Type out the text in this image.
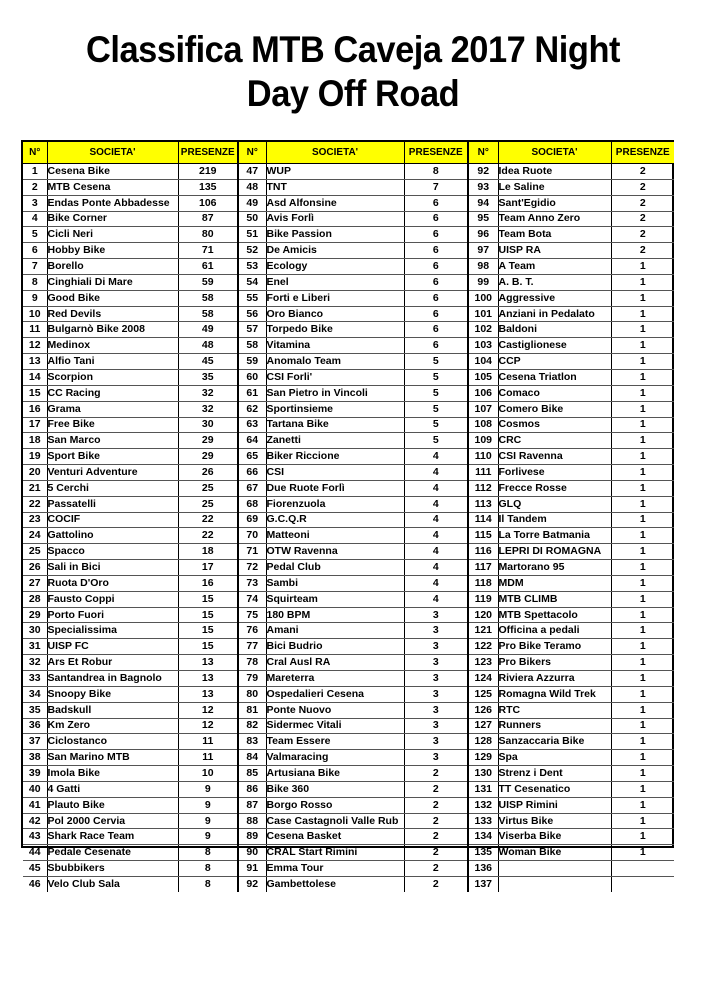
Classifica MTB Caveja 2017 Night
Day Off Road
N°	SOCIETA'	PRESENZE
1	Cesena Bike	219
2	MTB Cesena	135
3	Endas Ponte Abbadesse	106
4	Bike Corner	87
5	Cicli Neri	80
6	Hobby Bike	71
7	Borello	61
8	Cinghiali Di Mare	59
9	Good Bike	58
10	Red Devils	58
11	Bulgarnò Bike 2008	49
12	Medinox	48
13	Alfio Tani	45
14	Scorpion	35
15	CC Racing	32
16	Grama	32
17	Free Bike	30
18	San Marco	29
19	Sport Bike	29
20	Venturi Adventure	26
21	5 Cerchi	25
22	Passatelli	25
23	COCIF	22
24	Gattolino	22
25	Spacco	18
26	Sali in Bici	17
27	Ruota D'Oro	16
28	Fausto Coppi	15
29	Porto Fuori	15
30	Specialissima	15
31	UISP FC	15
32	Ars Et Robur	13
33	Santandrea in Bagnolo	13
34	Snoopy Bike	13
35	Badskull	12
36	Km Zero	12
37	Ciclostanco	11
38	San Marino MTB	11
39	Imola Bike	10
40	4 Gatti	9
41	Plauto Bike	9
42	Pol 2000 Cervia	9
43	Shark Race Team	9
44	Pedale Cesenate	8
45	Sbubbikers	8
46	Velo Club Sala	8
N°	SOCIETA'	PRESENZE
47	WUP	8
48	TNT	7
49	Asd Alfonsine	6
50	Avis Forlì	6
51	Bike Passion	6
52	De Amicis	6
53	Ecology	6
54	Enel	6
55	Forti e Liberi	6
56	Oro Bianco	6
57	Torpedo Bike	6
58	Vitamina	6
59	Anomalo Team	5
60	CSI Forli'	5
61	San Pietro in Vincoli	5
62	Sportinsieme	5
63	Tartana Bike	5
64	Zanetti	5
65	Biker Riccione	4
66	CSI	4
67	Due Ruote Forlì	4
68	Fiorenzuola	4
69	G.C.Q.R	4
70	Matteoni	4
71	OTW Ravenna	4
72	Pedal Club	4
73	Sambi	4
74	Squirteam	4
75	180 BPM	3
76	Amani	3
77	Bici Budrio	3
78	Cral Ausl RA	3
79	Mareterra	3
80	Ospedalieri Cesena	3
81	Ponte Nuovo	3
82	Sidermec Vitali	3
83	Team Essere	3
84	Valmaracing	3
85	Artusiana Bike	2
86	Bike 360	2
87	Borgo Rosso	2
88	Case Castagnoli Valle Rub	2
89	Cesena Basket	2
90	CRAL Start Rimini	2
91	Emma Tour	2
92	Gambettolese	2
N°	SOCIETA'	PRESENZE
92	Idea Ruote	2
93	Le Saline	2
94	Sant'Egidio	2
95	Team Anno Zero	2
96	Team Bota	2
97	UISP RA	2
98	A Team	1
99	A. B. T.	1
100	Aggressive	1
101	Anziani in Pedalato	1
102	Baldoni	1
103	Castiglionese	1
104	CCP	1
105	Cesena Triatlon	1
106	Comaco	1
107	Comero Bike	1
108	Cosmos	1
109	CRC	1
110	CSI Ravenna	1
111	Forlivese	1
112	Frecce Rosse	1
113	GLQ	1
114	Il Tandem	1
115	La Torre Batmania	1
116	LEPRI DI ROMAGNA	1
117	Martorano 95	1
118	MDM	1
119	MTB CLIMB	1
120	MTB Spettacolo	1
121	Officina a pedali	1
122	Pro Bike Teramo	1
123	Pro Bikers	1
124	Riviera Azzurra	1
125	Romagna Wild Trek	1
126	RTC	1
127	Runners	1
128	Sanzaccaria Bike	1
129	Spa	1
130	Strenz i Dent	1
131	TT Cesenatico	1
132	UISP Rimini	1
133	Virtus Bike	1
134	Viserba Bike	1
135	Woman Bike	1
136		
137		
